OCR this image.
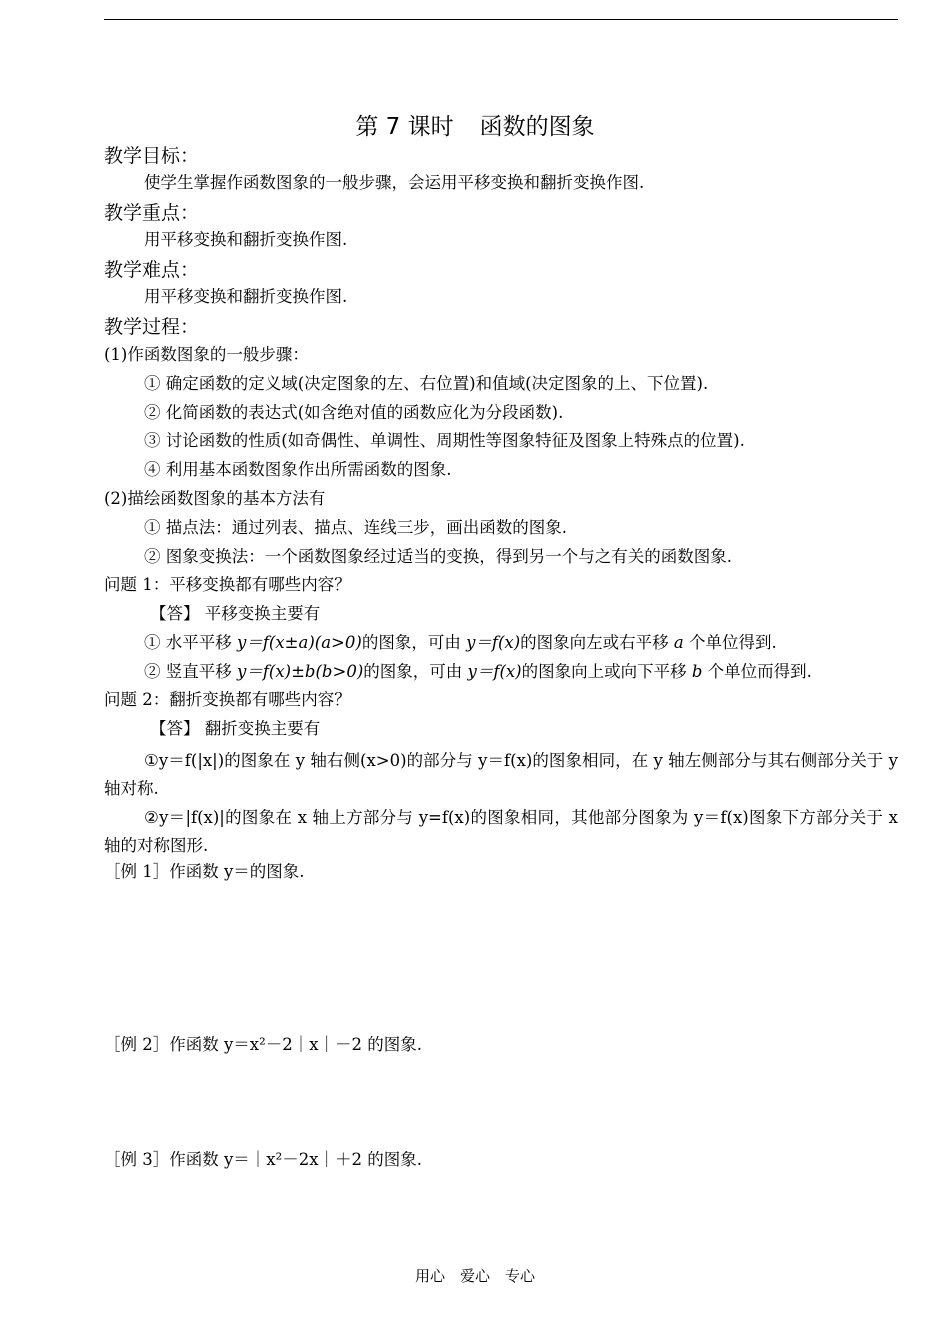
第 7 课时 函数的图象
教学目标：
使学生掌握作函数图象的一般步骤，会运用平移变换和翻折变换作图.
教学重点：
用平移变换和翻折变换作图.
教学难点：
用平移变换和翻折变换作图.
教学过程：
(1)作函数图象的一般步骤：
① 确定函数的定义域(决定图象的左、右位置)和值域(决定图象的上、下位置).
② 化简函数的表达式(如含绝对值的函数应化为分段函数).
③ 讨论函数的性质(如奇偶性、单调性、周期性等图象特征及图象上特殊点的位置).
④ 利用基本函数图象作出所需函数的图象.
(2)描绘函数图象的基本方法有
① 描点法：通过列表、描点、连线三步，画出函数的图象.
② 图象变换法：一个函数图象经过适当的变换，得到另一个与之有关的函数图象.
问题 1：平移变换都有哪些内容？
【答】 平移变换主要有
① 水平平移 y＝f(x±a)(a>0)的图象，可由 y＝f(x)的图象向左或右平移 a 个单位得到.
② 竖直平移 y＝f(x)±b(b>0)的图象，可由 y＝f(x)的图象向上或向下平移 b 个单位而得到.
问题 2：翻折变换都有哪些内容？
【答】 翻折变换主要有
①y＝f(|x|)的图象在 y 轴右侧(x>0)的部分与 y＝f(x)的图象相同，在 y 轴左侧部分与其右侧部分关于 y 轴对称.
②y＝|f(x)|的图象在 x 轴上方部分与 y=f(x)的图象相同，其他部分图象为 y＝f(x)图象下方部分关于 x 轴的对称图形.
［例 1］作函数 y＝的图象.
［例 2］作函数 y＝x²－2｜x｜－2 的图象.
［例 3］作函数 y＝｜x²－2x｜＋2 的图象.
用心　爱心　专心
